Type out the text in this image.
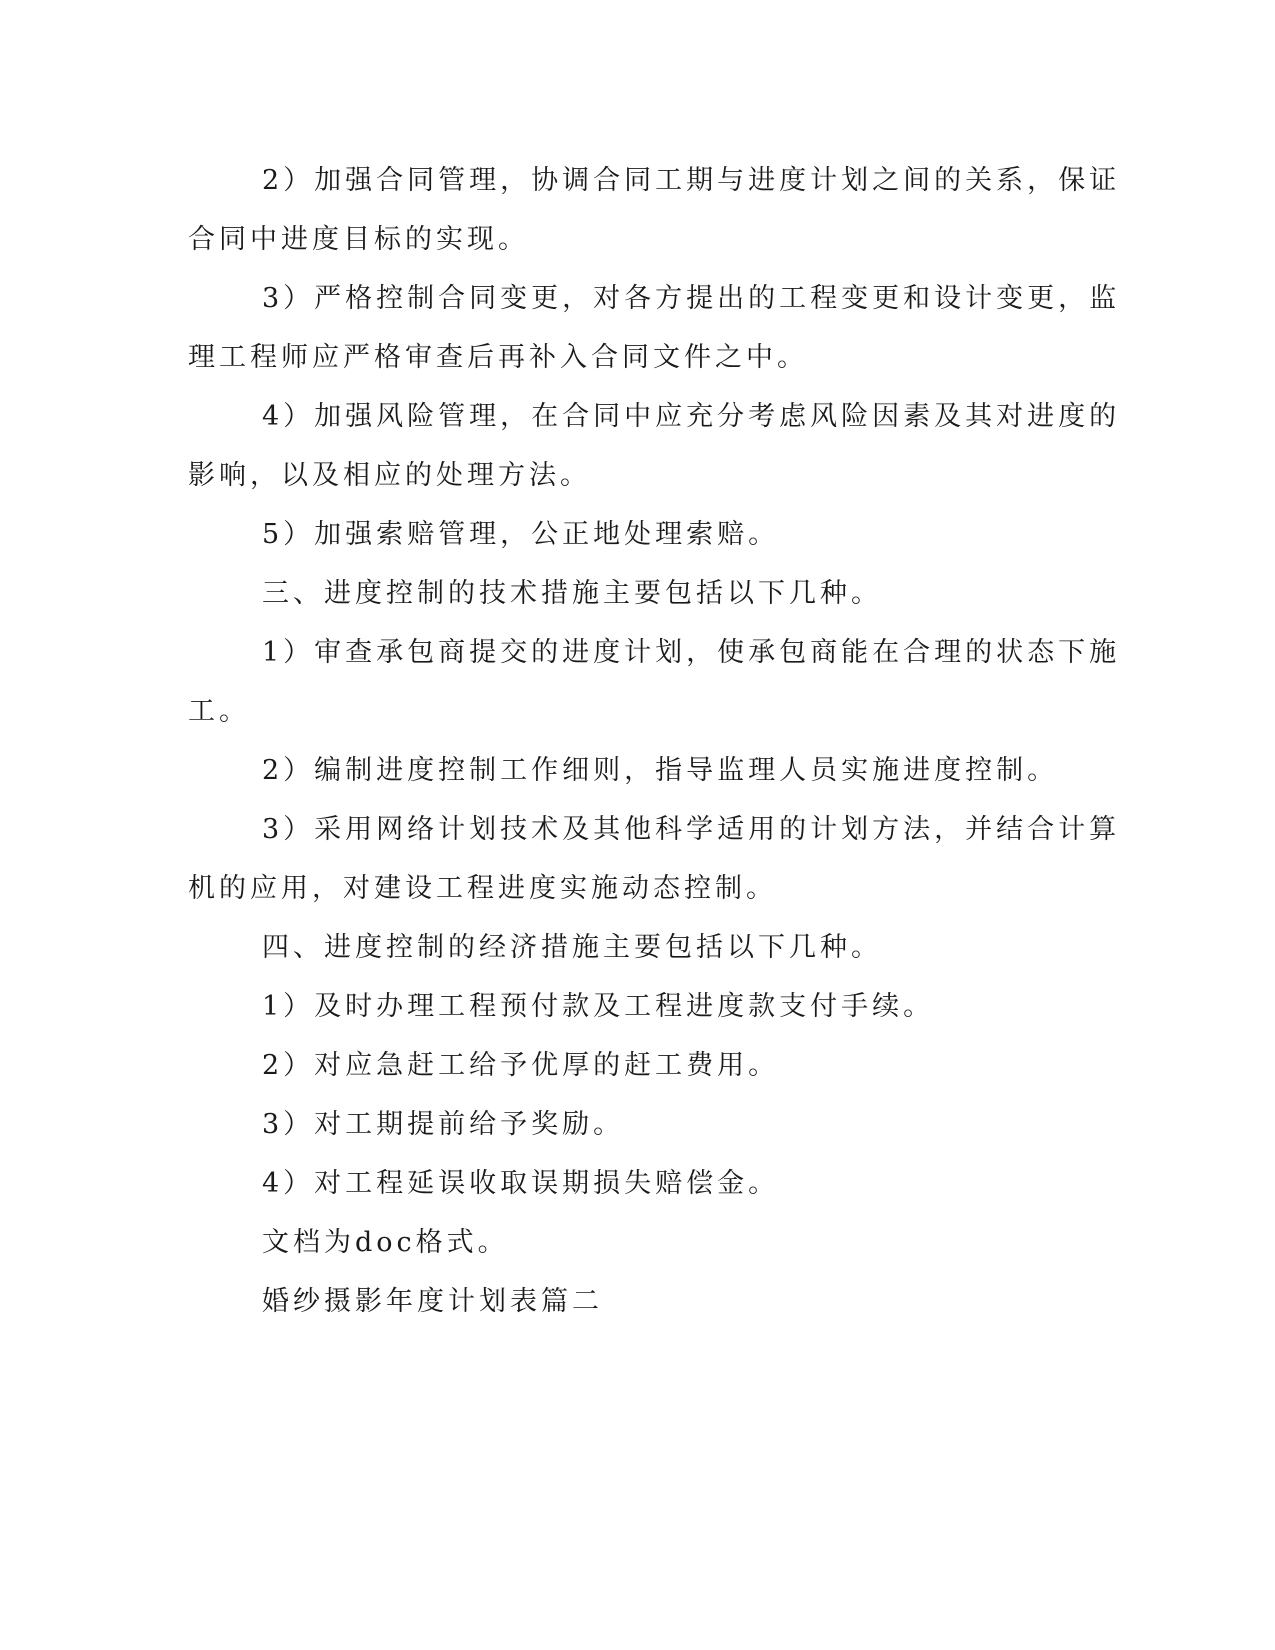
2）加强合同管理，协调合同工期与进度计划之间的关系，保证
合同中进度目标的实现。
3）严格控制合同变更，对各方提出的工程变更和设计变更，监
理工程师应严格审查后再补入合同文件之中。
4）加强风险管理，在合同中应充分考虑风险因素及其对进度的
影响，以及相应的处理方法。
5）加强索赔管理，公正地处理索赔。
三、进度控制的技术措施主要包括以下几种。
1）审查承包商提交的进度计划，使承包商能在合理的状态下施
工。
2）编制进度控制工作细则，指导监理人员实施进度控制。
3）采用网络计划技术及其他科学适用的计划方法，并结合计算
机的应用，对建设工程进度实施动态控制。
四、进度控制的经济措施主要包括以下几种。
1）及时办理工程预付款及工程进度款支付手续。
2）对应急赶工给予优厚的赶工费用。
3）对工期提前给予奖励。
4）对工程延误收取误期损失赔偿金。
文档为doc格式。
婚纱摄影年度计划表篇二
